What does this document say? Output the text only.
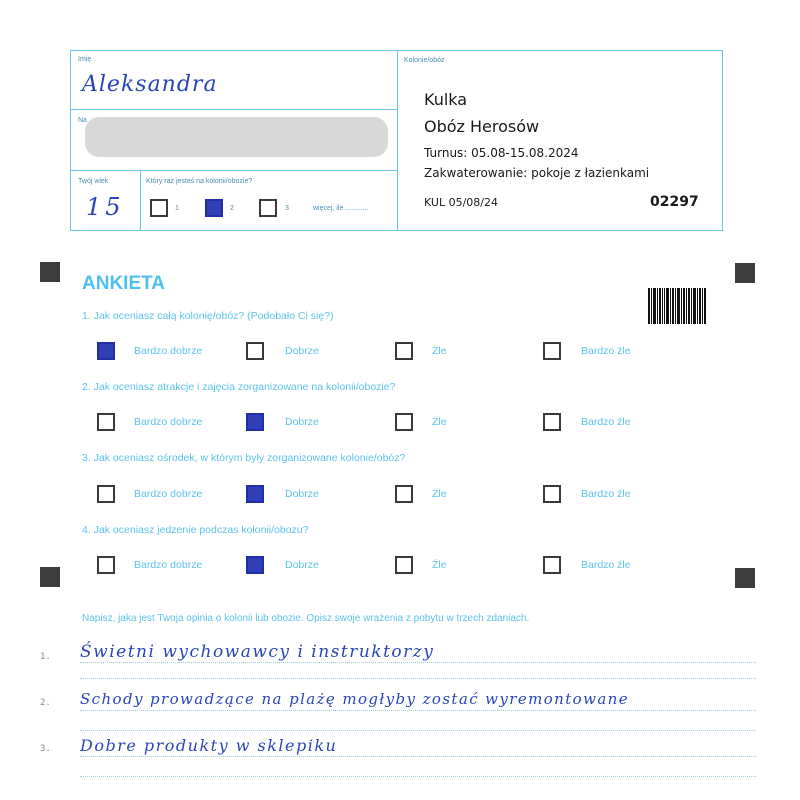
Imię
Aleksandra
Na
Twój wiek
15
Który raz jesteś na kolonii/obozie?
1	2	3	więcej, ile ............
Kolonie/obóz
Kulka
Obóz Herosów
Turnus: 05.08-15.08.2024
Zakwaterowanie: pokoje z łazienkami
KUL 05/08/24	02297
ANKIETA
1. Jak oceniasz całą kolonię/obóz? (Podobało Ci się?)
Bardzo dobrze	Dobrze	Źle	Bardzo źle
2. Jak oceniasz atrakcje i zajęcia zorganizowane na kolonii/obozie?
Bardzo dobrze	Dobrze	Źle	Bardzo źle
3. Jak oceniasz ośrodek, w którym były zorganizowane kolonie/obóz?
Bardzo dobrze	Dobrze	Źle	Bardzo źle
4. Jak oceniasz jedzenie podczas kolonii/obozu?
Bardzo dobrze	Dobrze	Źle	Bardzo źle
Napisz, jaka jest Twoja opinia o kolonii lub obozie. Opisz swoje wrażenia z pobytu w trzech zdaniach.
1. Świetni wychowawcy i instruktorzy
2. Schody prowadzące na plażę mogłyby zostać wyremontowane
3. Dobre produkty w sklepiku
